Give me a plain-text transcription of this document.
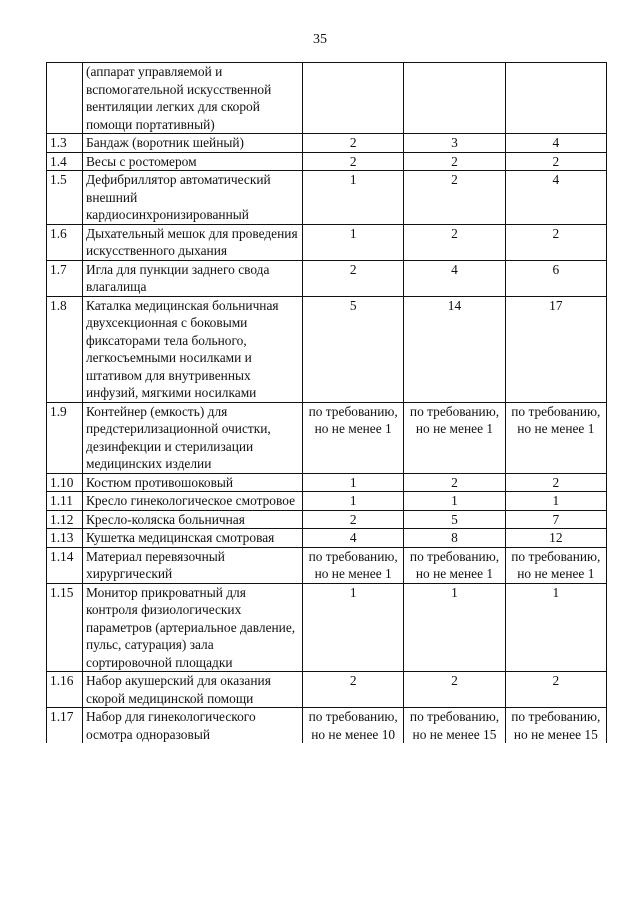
35
	(аппарат управляемой и вспомогательной искусственной вентиляции легких для скорой помощи портативный)			
1.3	Бандаж (воротник шейный)	2	3	4
1.4	Весы с ростомером	2	2	2
1.5	Дефибриллятор автоматический внешний кардиосинхронизированный	1	2	4
1.6	Дыхательный мешок для проведения искусственного дыхания	1	2	2
1.7	Игла для пункции заднего свода влагалища	2	4	6
1.8	Каталка медицинская больничная двухсекционная с боковыми фиксаторами тела больного, легкосъемными носилками и штативом для внутривенных инфузий, мягкими носилками	5	14	17
1.9	Контейнер (емкость) для предстерилизационной очистки, дезинфекции и стерилизации медицинских изделии	по требованию, но не менее 1	по требованию, но не менее 1	по требованию, но не менее 1
1.10	Костюм противошоковый	1	2	2
1.11	Кресло гинекологическое смотровое	1	1	1
1.12	Кресло-коляска больничная	2	5	7
1.13	Кушетка медицинская смотровая	4	8	12
1.14	Материал перевязочный хирургический	по требованию, но не менее 1	по требованию, но не менее 1	по требованию, но не менее 1
1.15	Монитор прикроватный для контроля физиологических параметров (артериальное давление, пульс, сатурация) зала сортировочной площадки	1	1	1
1.16	Набор акушерский для оказания скорой медицинской помощи	2	2	2
1.17	Набор для гинекологического осмотра одноразовый	по требованию, но не менее 10	по требованию, но не менее 15	по требованию, но не менее 15
